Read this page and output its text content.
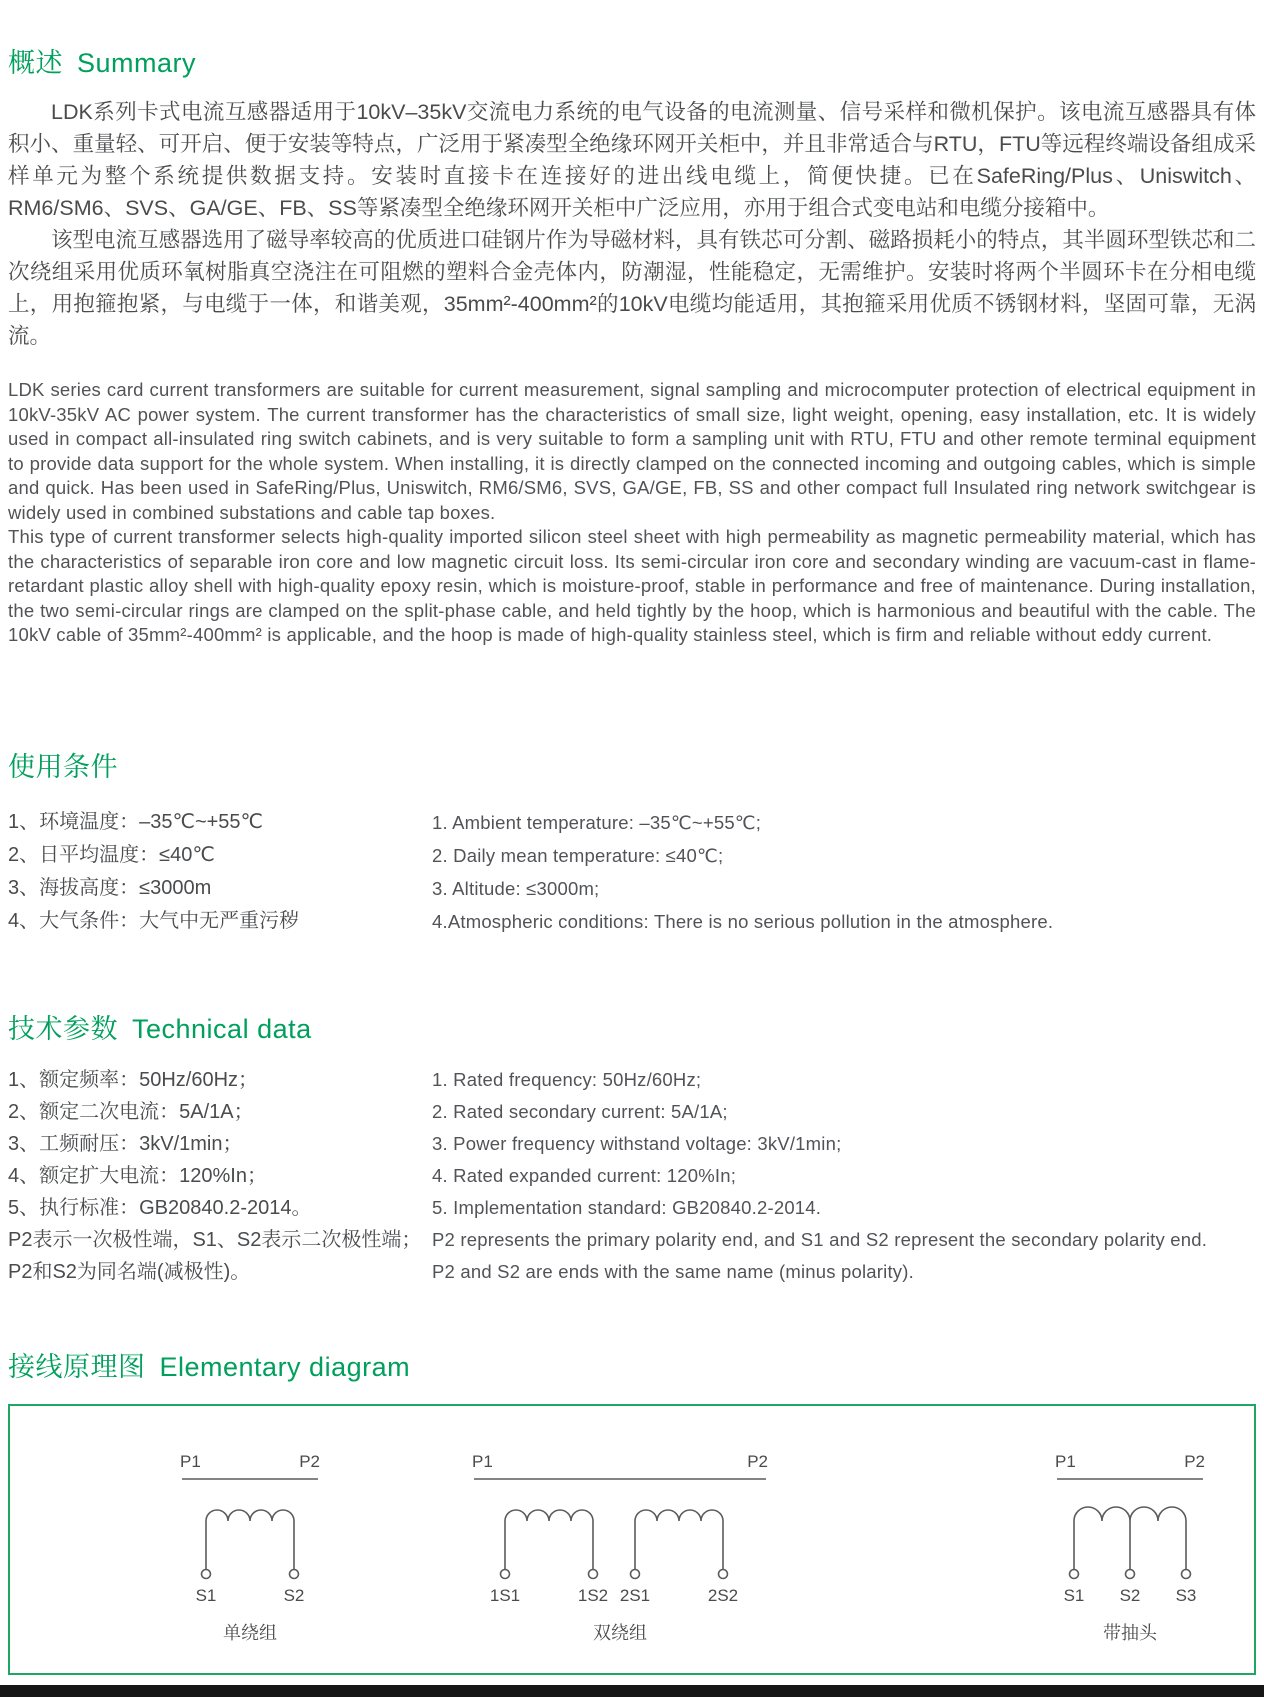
概述 Summary

LDK系列卡式电流互感器适用于10kV–35kV交流电力系统的电气设备的电流测量、信号采样和微机保护。该电流互感器具有体积小、重量轻、可开启、便于安装等特点，广泛用于紧凑型全绝缘环网开关柜中，并且非常适合与RTU，FTU等远程终端设备组成采样单元为整个系统提供数据支持。安装时直接卡在连接好的进出线电缆上，简便快捷。已在SafeRing/Plus、Uniswitch、RM6/SM6、SVS、GA/GE、FB、SS等紧凑型全绝缘环网开关柜中广泛应用，亦用于组合式变电站和电缆分接箱中。

该型电流互感器选用了磁导率较高的优质进口硅钢片作为导磁材料，具有铁芯可分割、磁路损耗小的特点，其半圆环型铁芯和二次绕组采用优质环氧树脂真空浇注在可阻燃的塑料合金壳体内，防潮湿，性能稳定，无需维护。安装时将两个半圆环卡在分相电缆上，用抱箍抱紧，与电缆于一体，和谐美观，35mm²-400mm²的10kV电缆均能适用，其抱箍采用优质不锈钢材料，坚固可靠，无涡流。

LDK series card current transformers are suitable for current measurement, signal sampling and microcomputer protection of electrical equipment in 10kV-35kV AC power system. The current transformer has the characteristics of small size, light weight, opening, easy installation, etc. It is widely used in compact all-insulated ring switch cabinets, and is very suitable to form a sampling unit with RTU, FTU and other remote terminal equipment to provide data support for the whole system. When installing, it is directly clamped on the connected incoming and outgoing cables, which is simple and quick. Has been used in SafeRing/Plus, Uniswitch, RM6/SM6, SVS, GA/GE, FB, SS and other compact full Insulated ring network switchgear is widely used in combined substations and cable tap boxes.

This type of current transformer selects high-quality imported silicon steel sheet with high permeability as magnetic permeability material, which has the characteristics of separable iron core and low magnetic circuit loss. Its semi-circular iron core and secondary winding are vacuum-cast in flame-retardant plastic alloy shell with high-quality epoxy resin, which is moisture-proof, stable in performance and free of maintenance. During installation, the two semi-circular rings are clamped on the split-phase cable, and held tightly by the hoop, which is harmonious and beautiful with the cable. The 10kV cable of 35mm²-400mm² is applicable, and the hoop is made of high-quality stainless steel, which is firm and reliable without eddy current.

使用条件
1、环境温度：–35℃~+55℃	1. Ambient temperature: –35℃~+55℃;
2、日平均温度：≤40℃	2. Daily mean temperature: ≤40℃;
3、海拔高度：≤3000m	3. Altitude: ≤3000m;
4、大气条件：大气中无严重污秽	4.Atmospheric conditions: There is no serious pollution in the atmosphere.
技术参数 Technical data
1、额定频率：50Hz/60Hz；	1. Rated frequency: 50Hz/60Hz;
2、额定二次电流：5A/1A；	2. Rated secondary current: 5A/1A;
3、工频耐压：3kV/1min；	3. Power frequency withstand voltage: 3kV/1min;
4、额定扩大电流：120%In；	4. Rated expanded current: 120%In;
5、执行标准：GB20840.2-2014。	5. Implementation standard: GB20840.2-2014.
P2表示一次极性端，S1、S2表示二次极性端； P2 represents the primary polarity end, and S1 and S2 represent the secondary polarity end.
P2和S2为同名端(减极性)。	P2 and S2 are ends with the same name (minus polarity).
接线原理图 Elementary diagram
P1	P2
S1	S2
单绕组
P1	P2
1S1	1S2 2S1	2S2
双绕组
P1	P2
S1 S2 S3
带抽头
